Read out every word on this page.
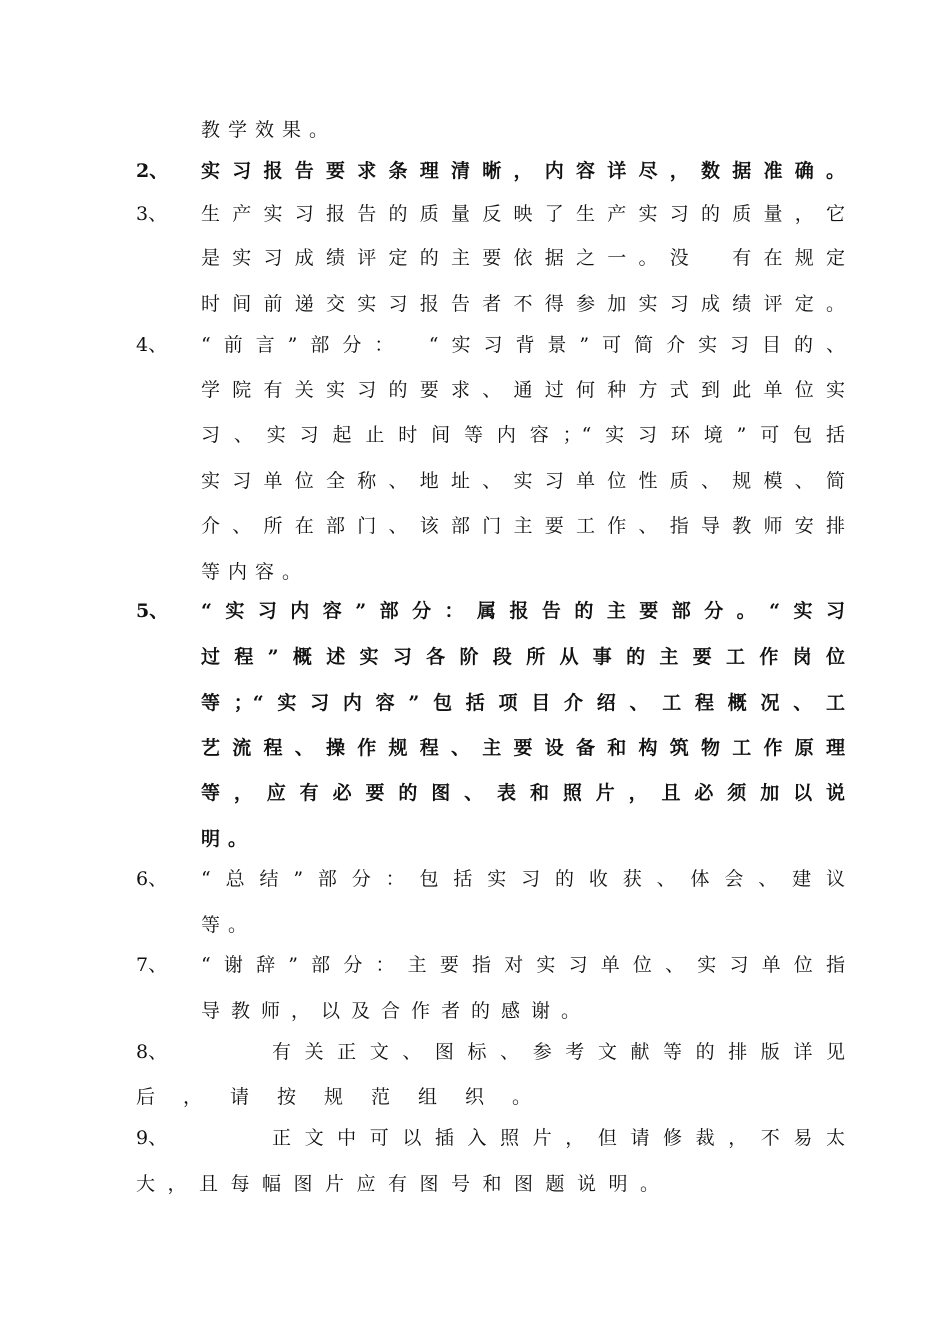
教学效果。
2、	实习报告要求条理清晰，内容详尽，数据准确。
3、	生产实习报告的质量反映了生产实习的质量，它
是实习成绩评定的主要依据之一。没　有在规定
时间前递交实习报告者不得参加实习成绩评定。
4、	“前言”部分：　“实习背景”可简介实习目的、
学院有关实习的要求、通过何种方式到此单位实
习、实习起止时间等内容；“实习环境”可包括
实习单位全称、地址、实习单位性质、规模、简
介、所在部门、该部门主要工作、指导教师安排
等内容。
5、	“实习内容”部分：属报告的主要部分。“实习
过程”概述实习各阶段所从事的主要工作岗位
等；“实习内容”包括项目介绍、工程概况、工
艺流程、操作规程、主要设备和构筑物工作原理
等，应有必要的图、表和照片，且必须加以说
明。
6、	“总结”部分：包括实习的收获、体会、建议
等。
7、	“谢辞”部分：主要指对实习单位、实习单位指
导教师，以及合作者的感谢。
8、	有关正文、图标、参考文献等的排版详见
后，请按规范组织。
9、	正文中可以插入照片，但请修裁，不易太
大，且每幅图片应有图号和图题说明。
